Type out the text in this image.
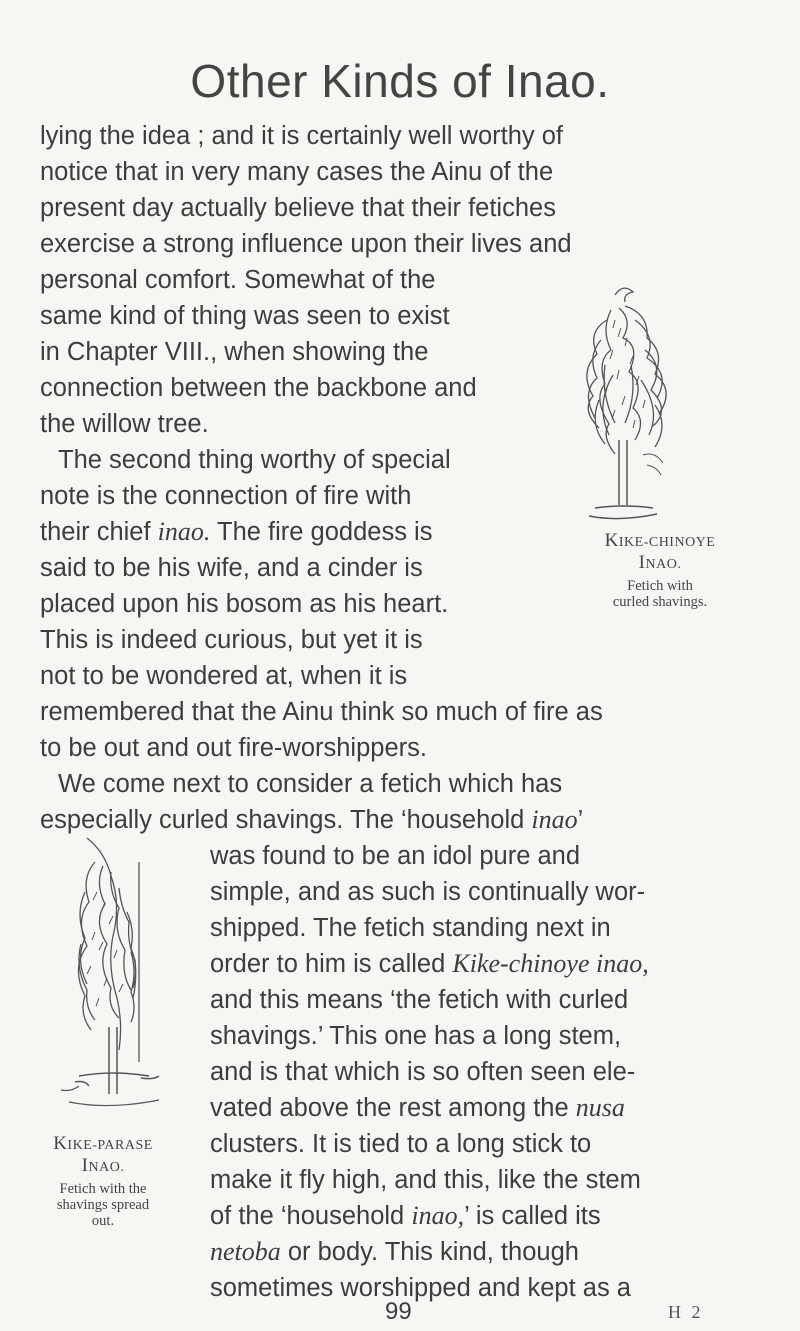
Other Kinds of Inao.
lying the idea ; and it is certainly well worthy of
notice that in very many cases the Ainu of the
present day actually believe that their fetiches
exercise a strong influence upon their lives and
personal comfort. Somewhat of the
same kind of thing was seen to exist
in Chapter VIII., when showing the
connection between the backbone and
the willow tree.
The second thing worthy of special
note is the connection of fire with
their chief inao. The fire goddess is
said to be his wife, and a cinder is
placed upon his bosom as his heart.
This is indeed curious, but yet it is
not to be wondered at, when it is
remembered that the Ainu think so much of fire as
to be out and out fire-worshippers.
We come next to consider a fetich which has
especially curled shavings. The ‘household inao’
was found to be an idol pure and
simple, and as such is continually wor-
shipped. The fetich standing next in
order to him is called Kike-chinoye inao,
and this means ‘the fetich with curled
shavings.’ This one has a long stem,
and is that which is so often seen ele-
vated above the rest among the nusa
clusters. It is tied to a long stick to
make it fly high, and this, like the stem
of the ‘household inao,’ is called its
netoba or body. This kind, though
sometimes worshipped and kept as a
KIKE-CHINOYE
INAO.
Fetich with
curled shavings.
KIKE-PARASE
INAO.
Fetich with the
shavings spread
out.
99	H 2
